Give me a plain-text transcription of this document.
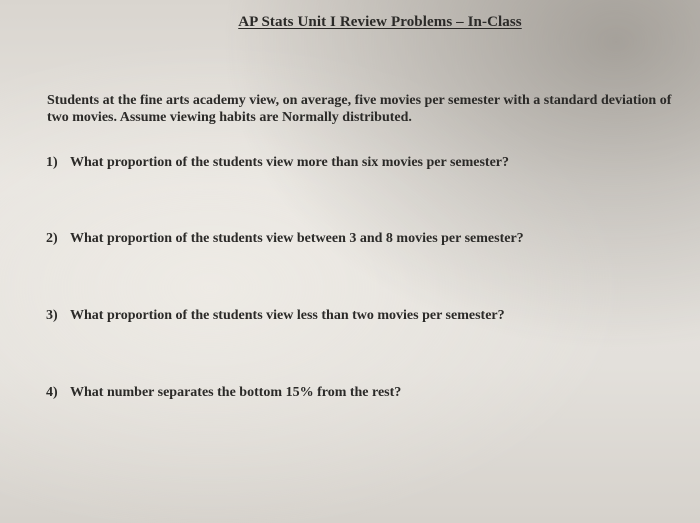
AP Stats Unit I Review Problems – In-Class
Students at the fine arts academy view, on average, five movies per semester with a standard deviation of two movies. Assume viewing habits are Normally distributed.
1) What proportion of the students view more than six movies per semester?
2) What proportion of the students view between 3 and 8 movies per semester?
3) What proportion of the students view less than two movies per semester?
4) What number separates the bottom 15% from the rest?
